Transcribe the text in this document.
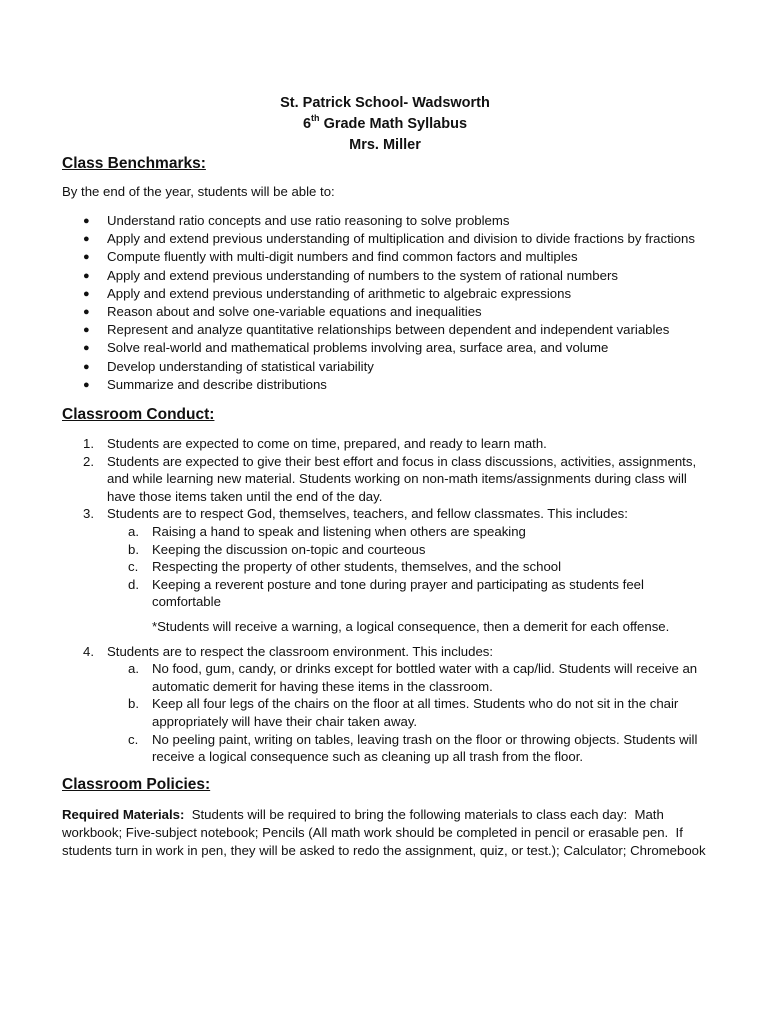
St. Patrick School- Wadsworth
6th Grade Math Syllabus
Mrs. Miller
Class Benchmarks:

By the end of the year, students will be able to:

● Understand ratio concepts and use ratio reasoning to solve problems
● Apply and extend previous understanding of multiplication and division to divide fractions by fractions
● Compute fluently with multi-digit numbers and find common factors and multiples
● Apply and extend previous understanding of numbers to the system of rational numbers
● Apply and extend previous understanding of arithmetic to algebraic expressions
● Reason about and solve one-variable equations and inequalities
● Represent and analyze quantitative relationships between dependent and independent variables
● Solve real-world and mathematical problems involving area, surface area, and volume
● Develop understanding of statistical variability
● Summarize and describe distributions
Classroom Conduct:
1. Students are expected to come on time, prepared, and ready to learn math.
2. Students are expected to give their best effort and focus in class discussions, activities, assignments, and while learning new material. Students working on non-math items/assignments during class will have those items taken until the end of the day.
3. Students are to respect God, themselves, teachers, and fellow classmates. This includes:
a. Raising a hand to speak and listening when others are speaking
b. Keeping the discussion on-topic and courteous
c. Respecting the property of other students, themselves, and the school
d. Keeping a reverent posture and tone during prayer and participating as students feel comfortable
*Students will receive a warning, a logical consequence, then a demerit for each offense.
4. Students are to respect the classroom environment. This includes:
a. No food, gum, candy, or drinks except for bottled water with a cap/lid. Students will receive an automatic demerit for having these items in the classroom.
b. Keep all four legs of the chairs on the floor at all times. Students who do not sit in the chair appropriately will have their chair taken away.
c. No peeling paint, writing on tables, leaving trash on the floor or throwing objects. Students will receive a logical consequence such as cleaning up all trash from the floor.
Classroom Policies:

Required Materials:  Students will be required to bring the following materials to class each day:  Math workbook; Five-subject notebook; Pencils (All math work should be completed in pencil or erasable pen.  If students turn in work in pen, they will be asked to redo the assignment, quiz, or test.); Calculator; Chromebook
